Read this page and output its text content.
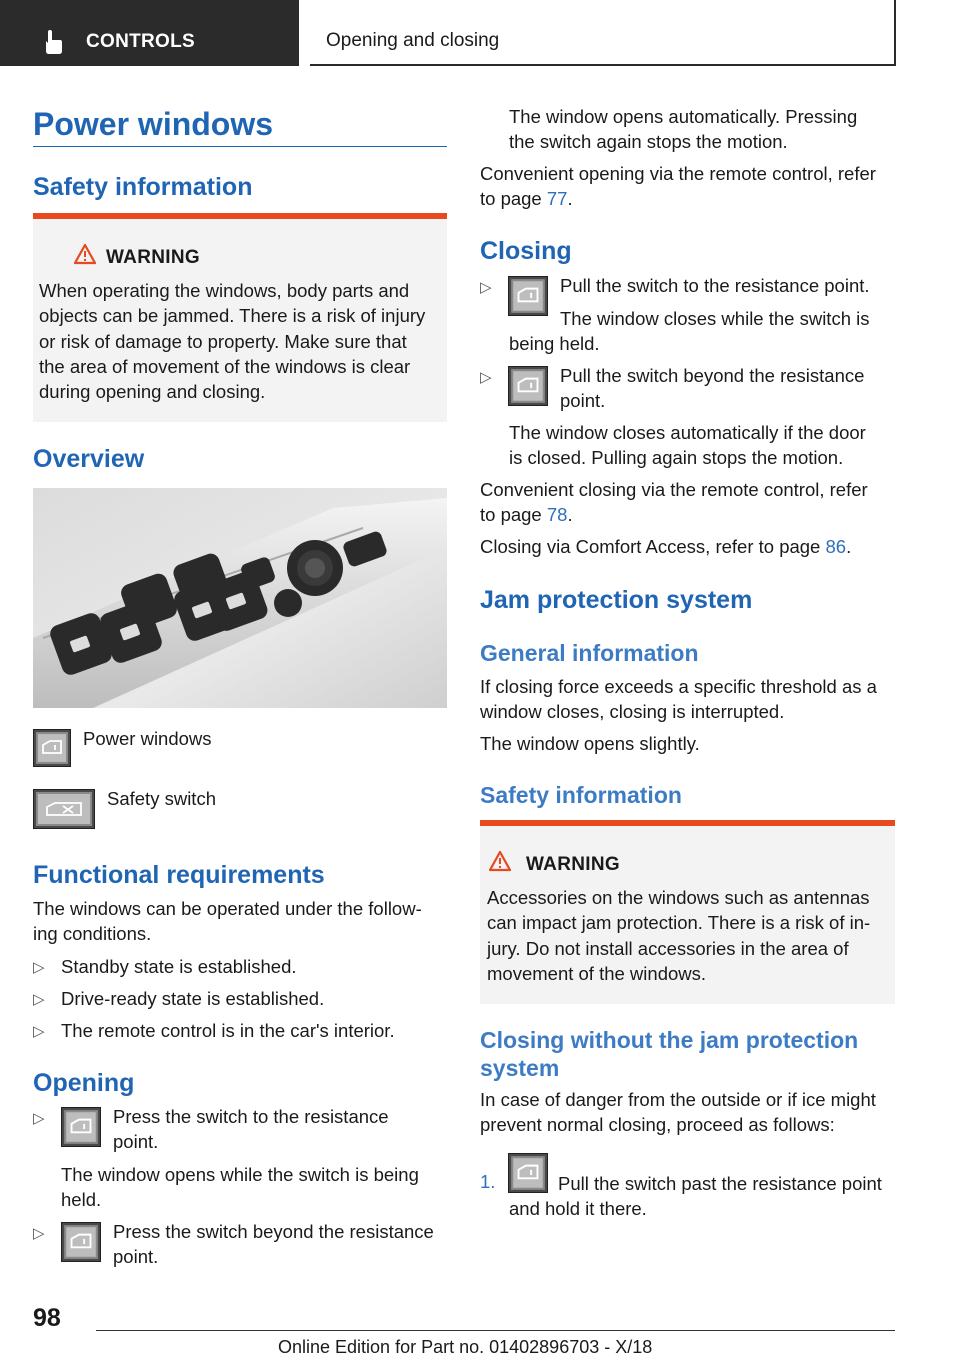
CONTROLS	Opening and closing
Power windows
Safety information
WARNING
When operating the windows, body parts and
objects can be jammed. There is a risk of injury
or risk of damage to property. Make sure that
the area of movement of the windows is clear
during opening and closing.
Overview
Power windows
Safety switch
Functional requirements
The windows can be operated under the follow-
ing conditions.
▷ Standby state is established.
▷ Drive-ready state is established.
▷ The remote control is in the car's interior.
Opening
▷	Press the switch to the resistance
point.
The window opens while the switch is being
held.
▷	Press the switch beyond the resistance
point.
The window opens automatically. Pressing
the switch again stops the motion.
Convenient opening via the remote control, refer
to page 77.
Closing
▷	Pull the switch to the resistance point.
The window closes while the switch is
being held.
▷	Pull the switch beyond the resistance
point.
The window closes automatically if the door
is closed. Pulling again stops the motion.
Convenient closing via the remote control, refer
to page 78.
Closing via Comfort Access, refer to page 86.
Jam protection system
General information
If closing force exceeds a specific threshold as a
window closes, closing is interrupted.
The window opens slightly.
Safety information
WARNING
Accessories on the windows such as antennas
can impact jam protection. There is a risk of in-
jury. Do not install accessories in the area of
movement of the windows.
Closing without the jam protection
system
In case of danger from the outside or if ice might
prevent normal closing, proceed as follows:
1.	Pull the switch past the resistance point
and hold it there.
98
Online Edition for Part no. 01402896703 - X/18
